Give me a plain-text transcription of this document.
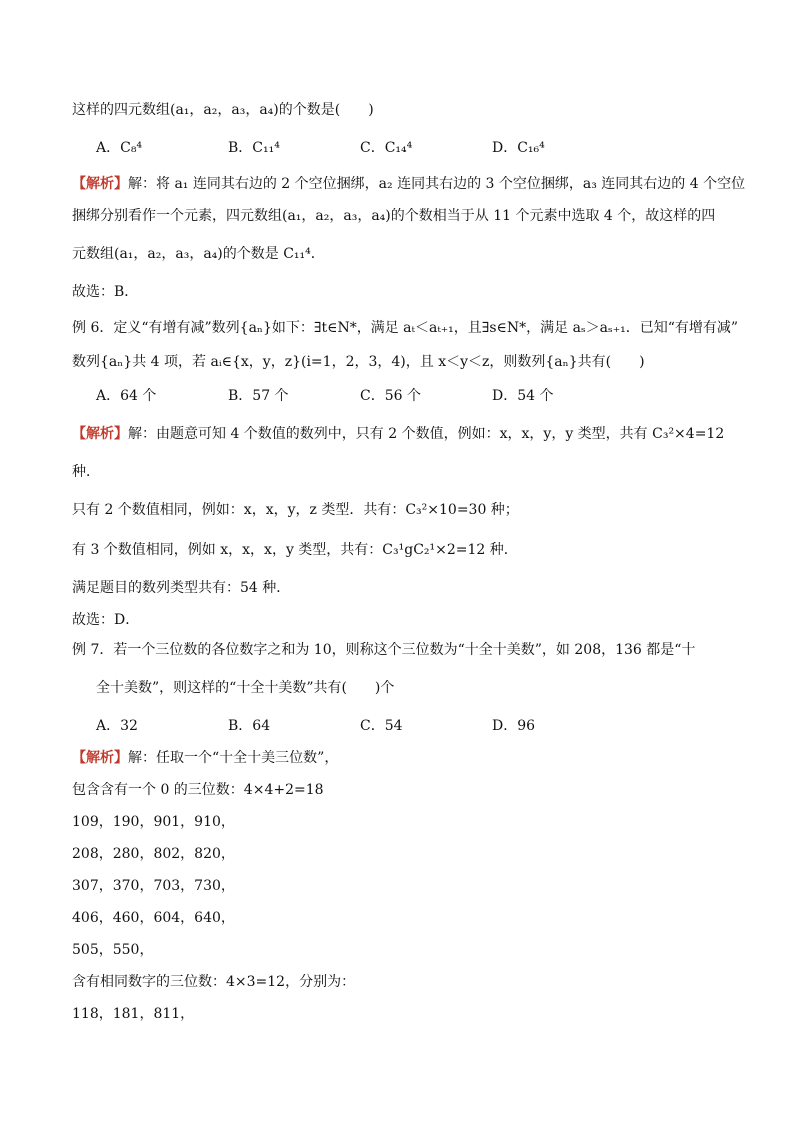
这样的四元数组(a₁，a₂，a₃，a₄)的个数是(　　)
A．C₈⁴	B．C₁₁⁴	C．C₁₄⁴	D．C₁₆⁴
【解析】解：将 a₁ 连同其右边的 2 个空位捆绑，a₂ 连同其右边的 3 个空位捆绑，a₃ 连同其右边的 4 个空位
捆绑分别看作一个元素，四元数组(a₁，a₂，a₃，a₄)的个数相当于从 11 个元素中选取 4 个，故这样的四
元数组(a₁，a₂，a₃，a₄)的个数是 C₁₁⁴．
故选：B．
例 6．定义“有增有减”数列{aₙ}如下：∃t∈N*，满足 aₜ＜aₜ₊₁，且∃s∈N*，满足 aₛ＞aₛ₊₁．已知“有增有减”
数列{aₙ}共 4 项，若 aᵢ∈{x，y，z}(i=1，2，3，4)，且 x＜y＜z，则数列{aₙ}共有(　　)
A．64 个	B．57 个	C．56 个	D．54 个
【解析】解：由题意可知 4 个数值的数列中，只有 2 个数值，例如：x，x，y，y 类型，共有 C₃²×4=12
种．
只有 2 个数值相同，例如：x，x，y，z 类型．共有：C₃²×10=30 种；
有 3 个数值相同，例如 x，x，x，y 类型，共有：C₃¹gC₂¹×2=12 种．
满足题目的数列类型共有：54 种．
故选：D．
例 7．若一个三位数的各位数字之和为 10，则称这个三位数为“十全十美数”，如 208，136 都是“十
全十美数”，则这样的“十全十美数”共有(　　)个
A．32	B．64	C．54	D．96
【解析】解：任取一个“十全十美三位数”，
包含含有一个 0 的三位数：4×4+2=18
109，190，901，910，
208，280，802，820，
307，370，703，730，
406，460，604，640，
505，550，
含有相同数字的三位数：4×3=12，分别为：
118，181，811，
